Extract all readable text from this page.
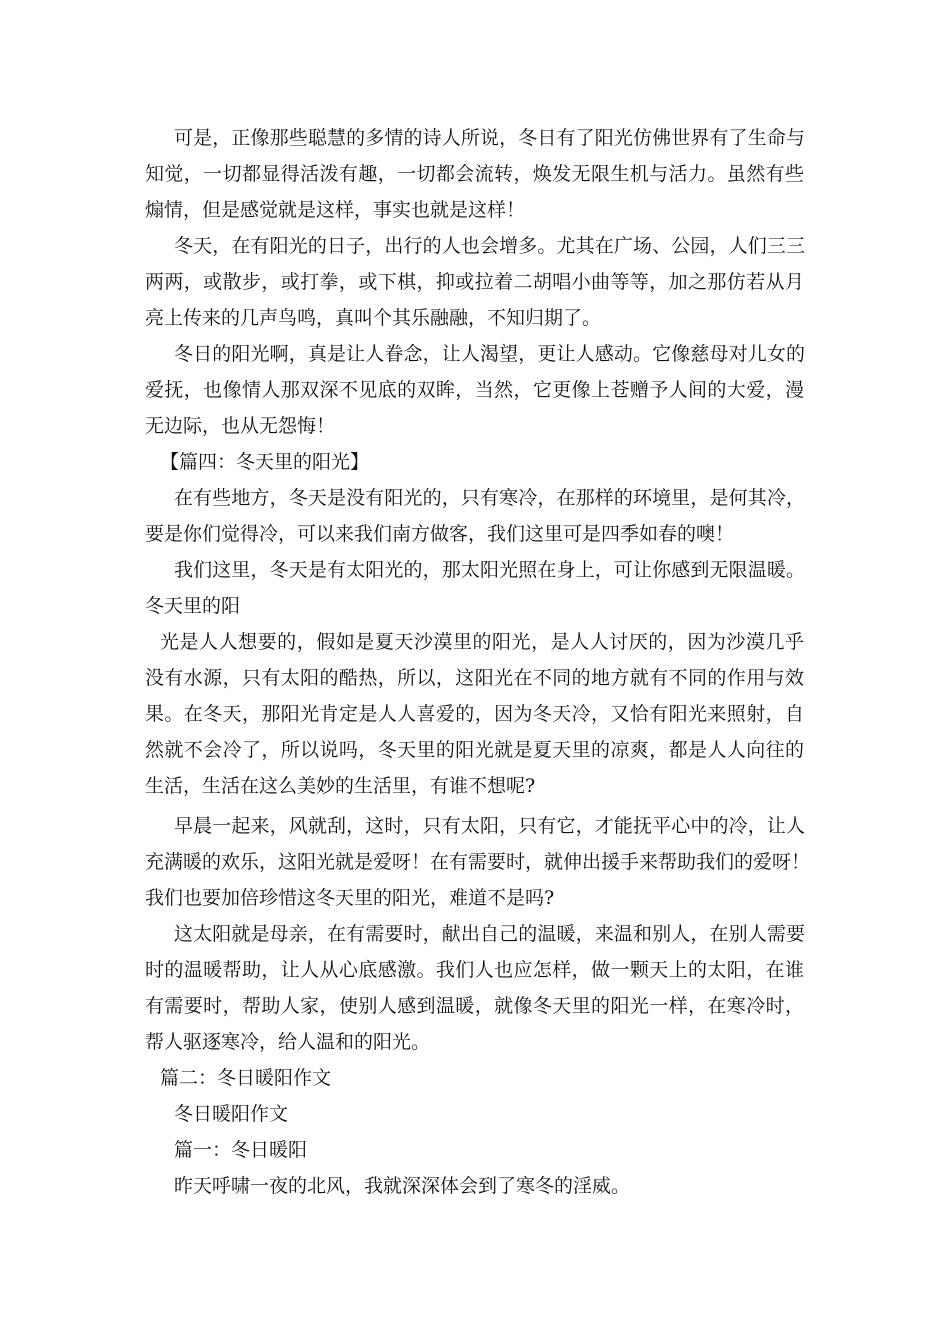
可是，正像那些聪慧的多情的诗人所说，冬日有了阳光仿佛世界有了生命与

知觉，一切都显得活泼有趣，一切都会流转，焕发无限生机与活力。虽然有些

煽情，但是感觉就是这样，事实也就是这样！

冬天，在有阳光的日子，出行的人也会增多。尤其在广场、公园，人们三三

两两，或散步，或打拳，或下棋，抑或拉着二胡唱小曲等等，加之那仿若从月

亮上传来的几声鸟鸣，真叫个其乐融融，不知归期了。

冬日的阳光啊，真是让人眷念，让人渴望，更让人感动。它像慈母对儿女的

爱抚，也像情人那双深不见底的双眸，当然，它更像上苍赠予人间的大爱，漫

无边际，也从无怨悔！

【篇四：冬天里的阳光】

在有些地方，冬天是没有阳光的，只有寒冷，在那样的环境里，是何其冷，

要是你们觉得冷，可以来我们南方做客，我们这里可是四季如春的噢！

我们这里，冬天是有太阳光的，那太阳光照在身上，可让你感到无限温暖。

冬天里的阳

光是人人想要的，假如是夏天沙漠里的阳光，是人人讨厌的，因为沙漠几乎

没有水源，只有太阳的酷热，所以，这阳光在不同的地方就有不同的作用与效

果。在冬天，那阳光肯定是人人喜爱的，因为冬天冷，又恰有阳光来照射，自

然就不会冷了，所以说吗，冬天里的阳光就是夏天里的凉爽，都是人人向往的

生活，生活在这么美妙的生活里，有谁不想呢?

早晨一起来，风就刮，这时，只有太阳，只有它，才能抚平心中的冷，让人

充满暖的欢乐，这阳光就是爱呀！在有需要时，就伸出援手来帮助我们的爱呀！

我们也要加倍珍惜这冬天里的阳光，难道不是吗?

这太阳就是母亲，在有需要时，献出自己的温暖，来温和别人，在别人需要

时的温暖帮助，让人从心底感激。我们人也应怎样，做一颗天上的太阳，在谁

有需要时，帮助人家，使别人感到温暖，就像冬天里的阳光一样，在寒冷时，

帮人驱逐寒冷，给人温和的阳光。

篇二：冬日暖阳作文

冬日暖阳作文

篇一：冬日暖阳

昨天呼啸一夜的北风，我就深深体会到了寒冬的淫威。
